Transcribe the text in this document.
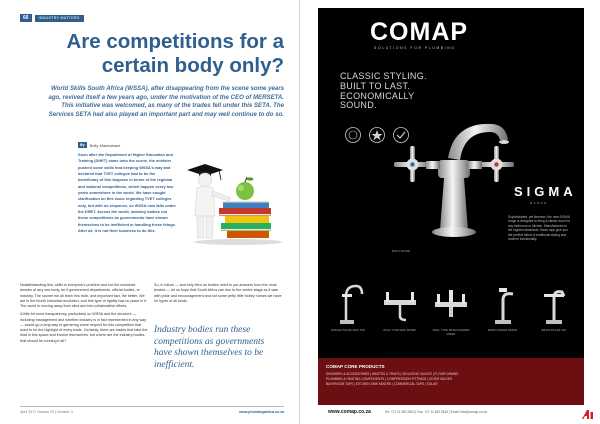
66	INDUSTRY MATTERS
Are competitions for a certain body only?

World Skills South Africa (WSSA), after disappearing from the scene some years ago, revived itself a few years ago, under the motivation of the CEO of MERSETA. This initiative was welcomed, as many of the trades fell under this SETA. The Services SETA had also played an important part and may well continue to do so.

By	Bolty Mashabane

Soon after the Department of Higher Education and Training (DHET) came onto the scene, the minister pushed some skills fora keeping WSSA's way and declared that TVET colleges had to be the beneficiary of this largesse in terms of the regional and national competitions, which happen every two years somewhere in the world. We have sought clarification on this issue regarding TVET colleges only, but with no response, so WSSA now falls under the DHET. Across the world, industry bodies run these competitions as governments have shown themselves to be inefficient in handling these things. After all, it is not their business to do this.

Notwithstanding this, skills is everyone's problem and not the exclusive domain of any one body, be it government departments, official bodies, or industry. The sooner we all learn this truth, and important fact, the better. We are in the fourth industrial revolution, and this type of rigidity has no place in it. The world is moving away from silos and into collaborative efforts.

A little bit more transparency, particularly on WSSA and the structure — including management and whether industry is in fact represented in any way — would go a long way to garnering some respect for this competition that used to be the highlight of every trade. Certainly, there are trades that take the lead in this space and involve themselves, but where are the industry bodies that should be running it all?

So, in future — and only then do bodies need to put answers from the most trusted — let us hope that South Africa can rise to the centre stage as it was with pride and encouragement and not some petty little hobby horses we have for types of all kinds.

Industry bodies run these competitions as governments have shown themselves to be inefficient.

April 2017 Volume 23 | Number 3	www.plumbingafrica.co.za
COMAP
SOLUTIONS FOR PLUMBING
CLASSIC STYLING.
BUILT TO LAST.
ECONOMICALLY
SOUND.
SIGMA
RANGE
Sophisticated, yet timeless, the new SIGMA range is designed to bring a classic touch to any bathroom or kitchen. Manufactured to the highest standards, these taps give you the perfect blend of traditional styling and modern functionality.
BATH MIXER
SINGLE PILLAR SINK TAP	WALL TYPE SINK MIXER	WALL TYPE BATH/SHOWER MIXER
BASIN SINGLE MIXER	BASIN PILLAR TAP
COMAP CORE PRODUCTS
SHOWERS & ACCESSORIES | WASTES & TRAPS | ISOLATING VALVES | FLOOR DRAINS
PLUMBING & HEATING COMPONENTS | COMPRESSION FITTINGS | LEVER VALVES
BATHROOM TAPS | KITCHEN SINK MIXERS | COMMERCIAL TAPS | SOLAR
www.comap.co.za	Tel: +27 11 452 2810 | Fax: +27 11 452 2815 | Email: info@comap.co.za
